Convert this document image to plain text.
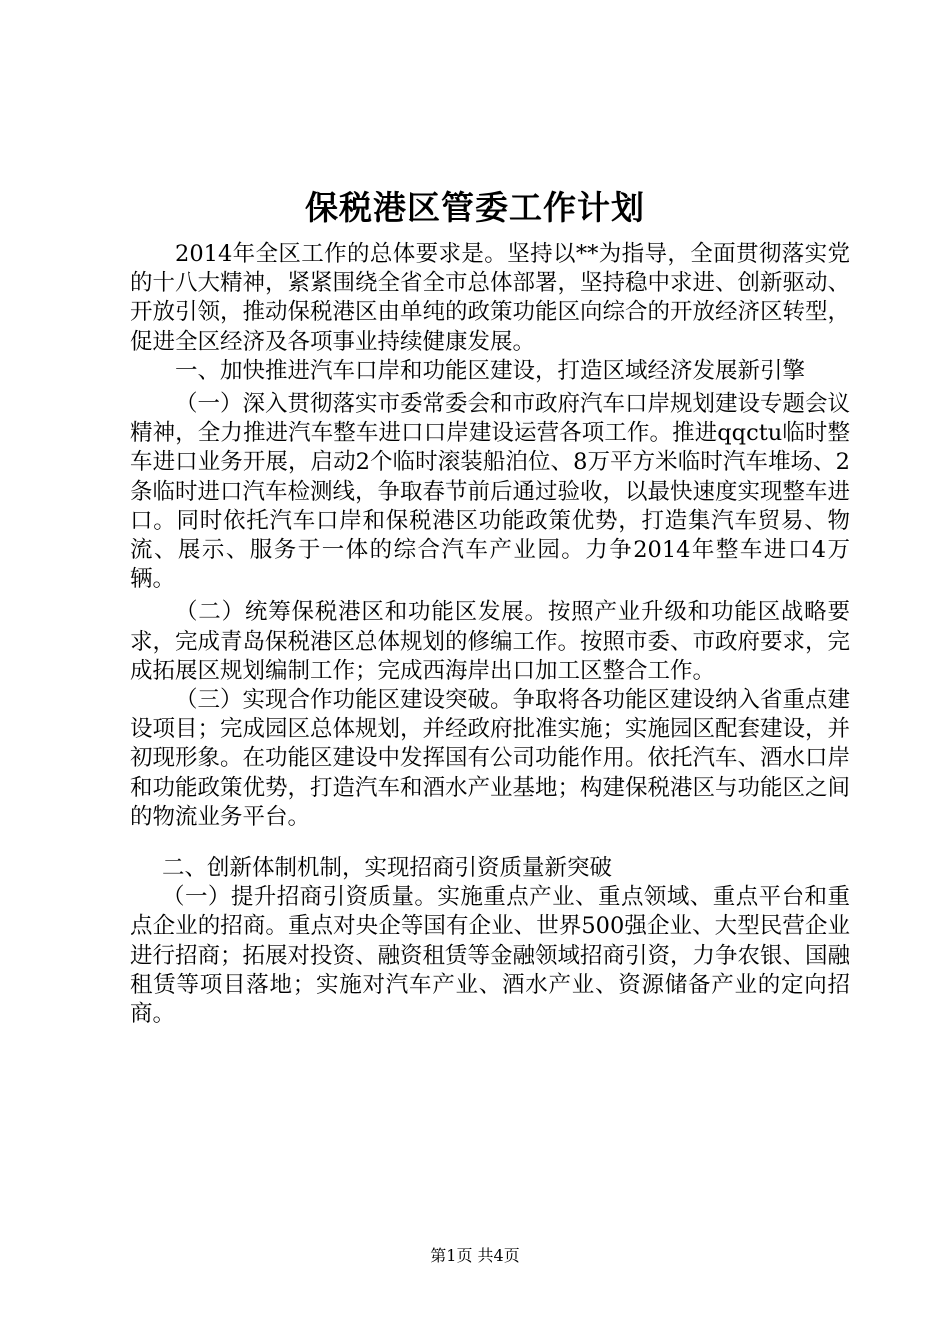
保税港区管委工作计划

2014年全区工作的总体要求是。坚持以**为指导，全面贯彻落实党的十八大精神，紧紧围绕全省全市总体部署，坚持稳中求进、创新驱动、开放引领，推动保税港区由单纯的政策功能区向综合的开放经济区转型，促进全区经济及各项事业持续健康发展。

一、加快推进汽车口岸和功能区建设，打造区域经济发展新引擎

（一）深入贯彻落实市委常委会和市政府汽车口岸规划建设专题会议精神，全力推进汽车整车进口口岸建设运营各项工作。推进qqctu临时整车进口业务开展，启动2个临时滚装船泊位、8万平方米临时汽车堆场、2条临时进口汽车检测线，争取春节前后通过验收，以最快速度实现整车进口。同时依托汽车口岸和保税港区功能政策优势，打造集汽车贸易、物流、展示、服务于一体的综合汽车产业园。力争2014年整车进口4万辆。

（二）统筹保税港区和功能区发展。按照产业升级和功能区战略要求，完成青岛保税港区总体规划的修编工作。按照市委、市政府要求，完成拓展区规划编制工作；完成西海岸出口加工区整合工作。

（三）实现合作功能区建设突破。争取将各功能区建设纳入省重点建设项目；完成园区总体规划，并经政府批准实施；实施园区配套建设，并初现形象。在功能区建设中发挥国有公司功能作用。依托汽车、酒水口岸和功能政策优势，打造汽车和酒水产业基地；构建保税港区与功能区之间的物流业务平台。

二、创新体制机制，实现招商引资质量新突破

（一）提升招商引资质量。实施重点产业、重点领域、重点平台和重点企业的招商。重点对央企等国有企业、世界500强企业、大型民营企业进行招商；拓展对投资、融资租赁等金融领域招商引资，力争农银、国融租赁等项目落地；实施对汽车产业、酒水产业、资源储备产业的定向招商。

第1页 共4页
